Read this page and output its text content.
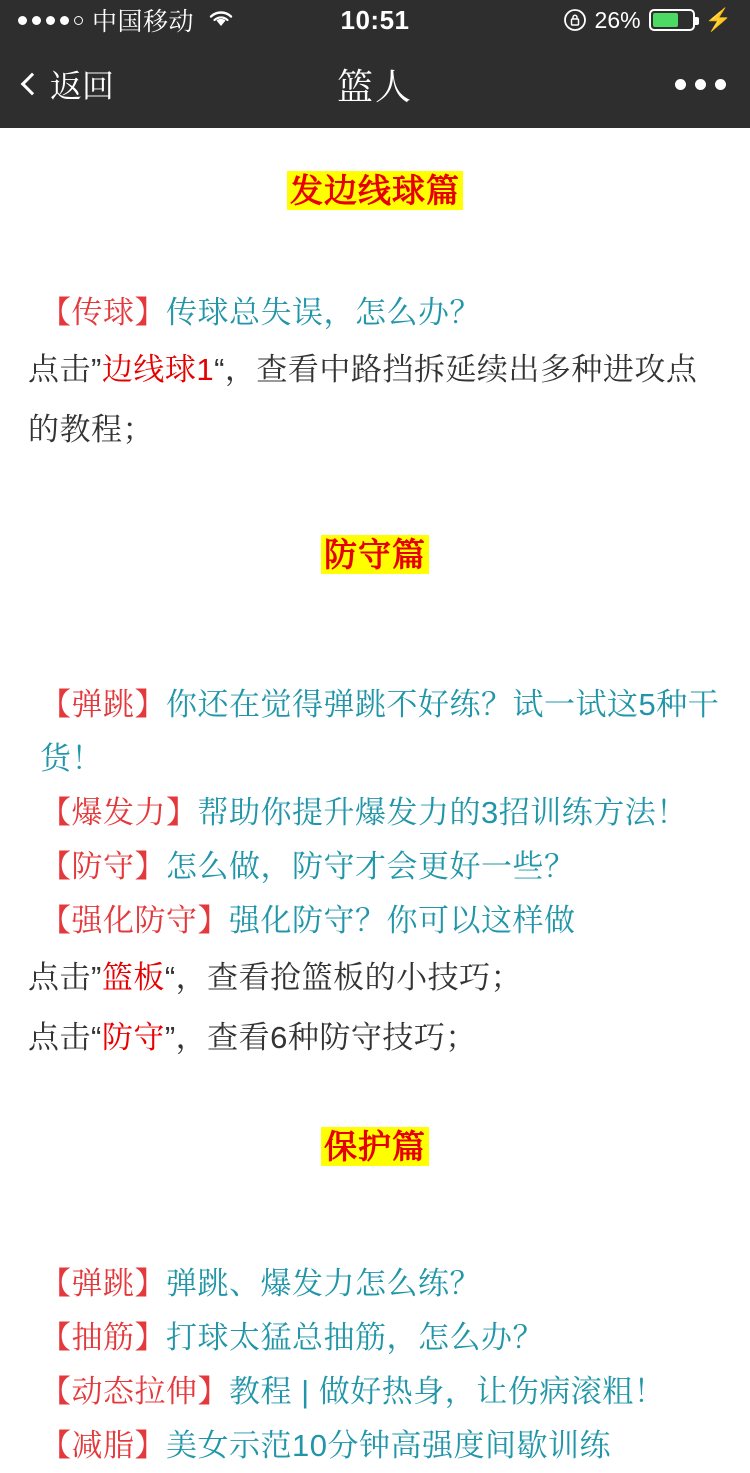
中国移动	10:51	26%	⚡
返回	篮人
发边线球篇
【传球】传球总失误，怎么办？
点击”边线球1“，查看中路挡拆延续出多种进攻点的教程；
防守篇
【弹跳】你还在觉得弹跳不好练？试一试这5种干货！
【爆发力】帮助你提升爆发力的3招训练方法！
【防守】怎么做，防守才会更好一些？
【强化防守】强化防守？你可以这样做
点击”篮板“，查看抢篮板的小技巧；
点击“防守”，查看6种防守技巧；
保护篇
【弹跳】弹跳、爆发力怎么练？
【抽筋】打球太猛总抽筋，怎么办？
【动态拉伸】教程 | 做好热身，让伤病滚粗！
【减脂】美女示范10分钟高强度间歇训练
